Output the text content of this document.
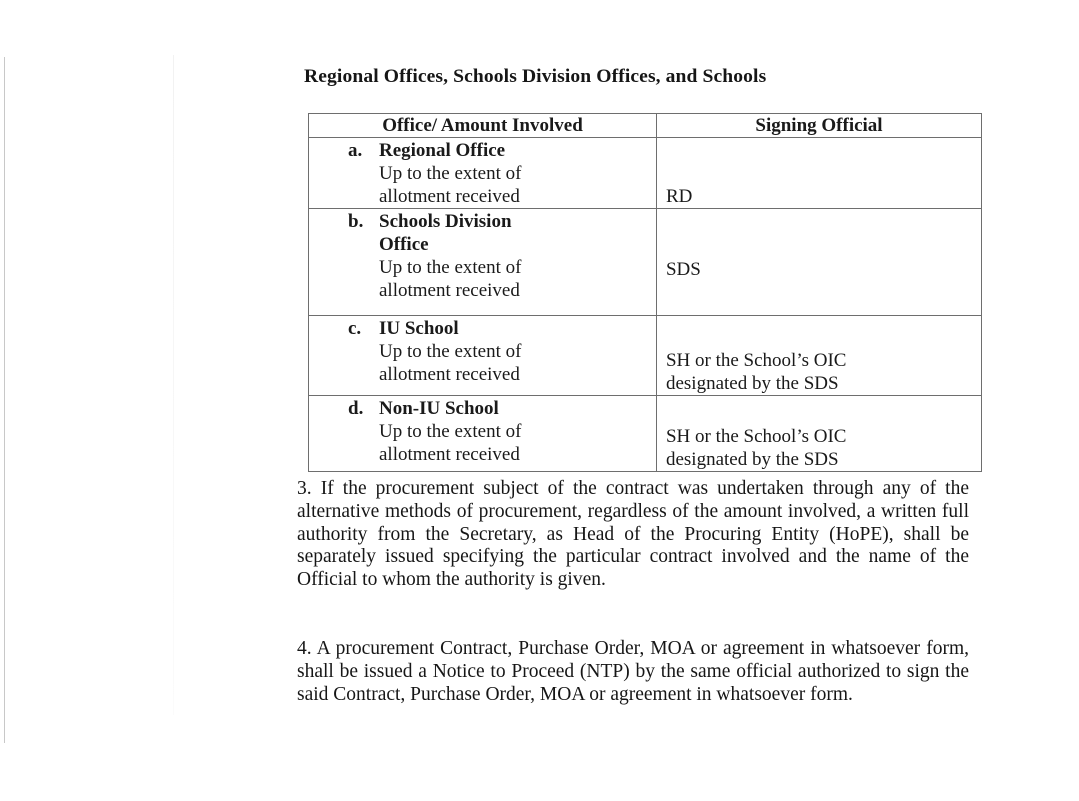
Regional Offices, Schools Division Offices, and Schools
Office/ Amount Involved	Signing Official

a. Regional Office
Up to the extent of allotment received	RD

b. Schools Division Office
Up to the extent of allotment received	SDS

c. IU School
Up to the extent of allotment received	SH or the School’s OIC designated by the SDS

d. Non-IU School
Up to the extent of allotment received	SH or the School’s OIC designated by the SDS

3. If the procurement subject of the contract was undertaken through any of the alternative methods of procurement, regardless of the amount involved, a written full authority from the Secretary, as Head of the Procuring Entity (HoPE), shall be separately issued specifying the particular contract involved and the name of the Official to whom the authority is given.

4. A procurement Contract, Purchase Order, MOA or agreement in whatsoever form, shall be issued a Notice to Proceed (NTP) by the same official authorized to sign the said Contract, Purchase Order, MOA or agreement in whatsoever form.
